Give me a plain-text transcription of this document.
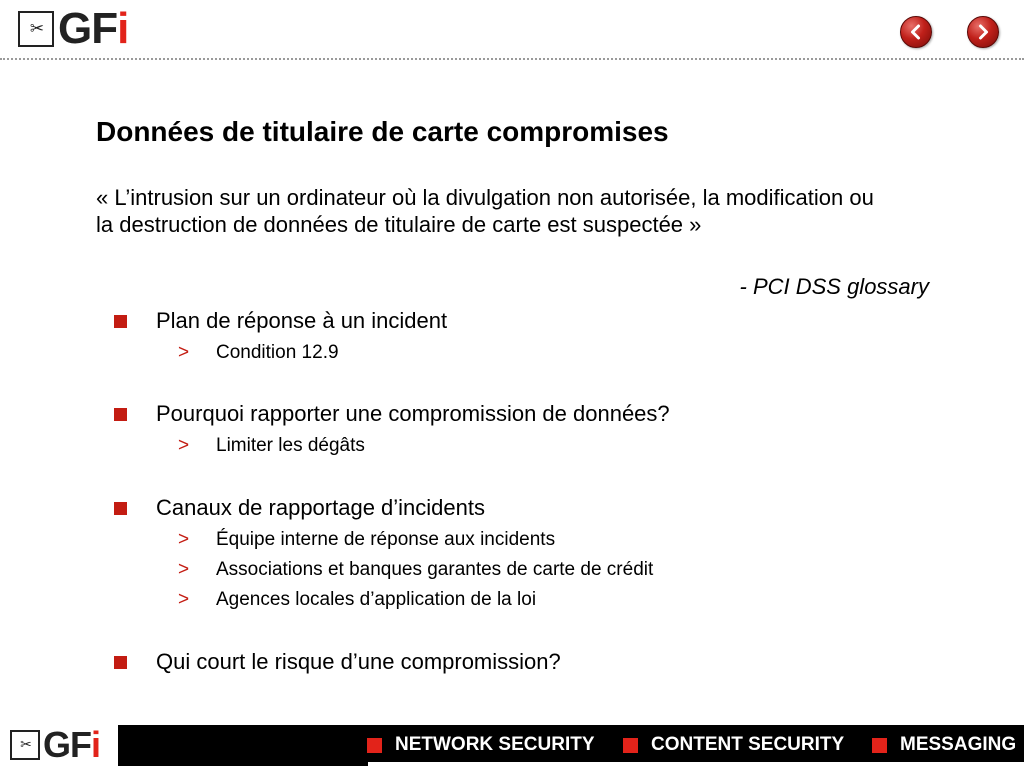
✂ GFi
Données de titulaire de carte compromises

« L’intrusion sur un ordinateur où la divulgation non autorisée, la modification ou la destruction de données de titulaire de carte est suspectée »

- PCI DSS glossary

Plan de réponse à un incident
>	Condition 12.9
Pourquoi rapporter une compromission de données?
>	Limiter les dégâts
Canaux de rapportage d’incidents
>	Équipe interne de réponse aux incidents
>	Associations et banques garantes de carte de crédit
>	Agences locales d’application de la loi
Qui court le risque d’une compromission?
✂ GFi	NETWORK SECURITY	CONTENT SECURITY	MESSAGING
